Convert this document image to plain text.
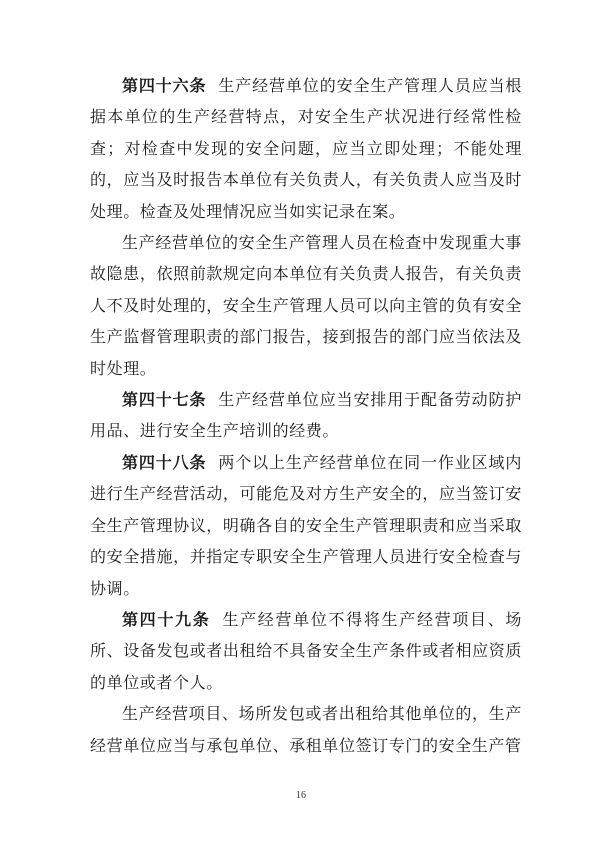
第四十六条 生产经营单位的安全生产管理人员应当根据本单位的生产经营特点，对安全生产状况进行经常性检查；对检查中发现的安全问题，应当立即处理；不能处理的，应当及时报告本单位有关负责人，有关负责人应当及时处理。检查及处理情况应当如实记录在案。

生产经营单位的安全生产管理人员在检查中发现重大事故隐患，依照前款规定向本单位有关负责人报告，有关负责人不及时处理的，安全生产管理人员可以向主管的负有安全生产监督管理职责的部门报告，接到报告的部门应当依法及时处理。

第四十七条 生产经营单位应当安排用于配备劳动防护用品、进行安全生产培训的经费。

第四十八条 两个以上生产经营单位在同一作业区域内进行生产经营活动，可能危及对方生产安全的，应当签订安全生产管理协议，明确各自的安全生产管理职责和应当采取的安全措施，并指定专职安全生产管理人员进行安全检查与协调。

第四十九条 生产经营单位不得将生产经营项目、场所、设备发包或者出租给不具备安全生产条件或者相应资质的单位或者个人。

生产经营项目、场所发包或者出租给其他单位的，生产经营单位应当与承包单位、承租单位签订专门的安全生产管

16
